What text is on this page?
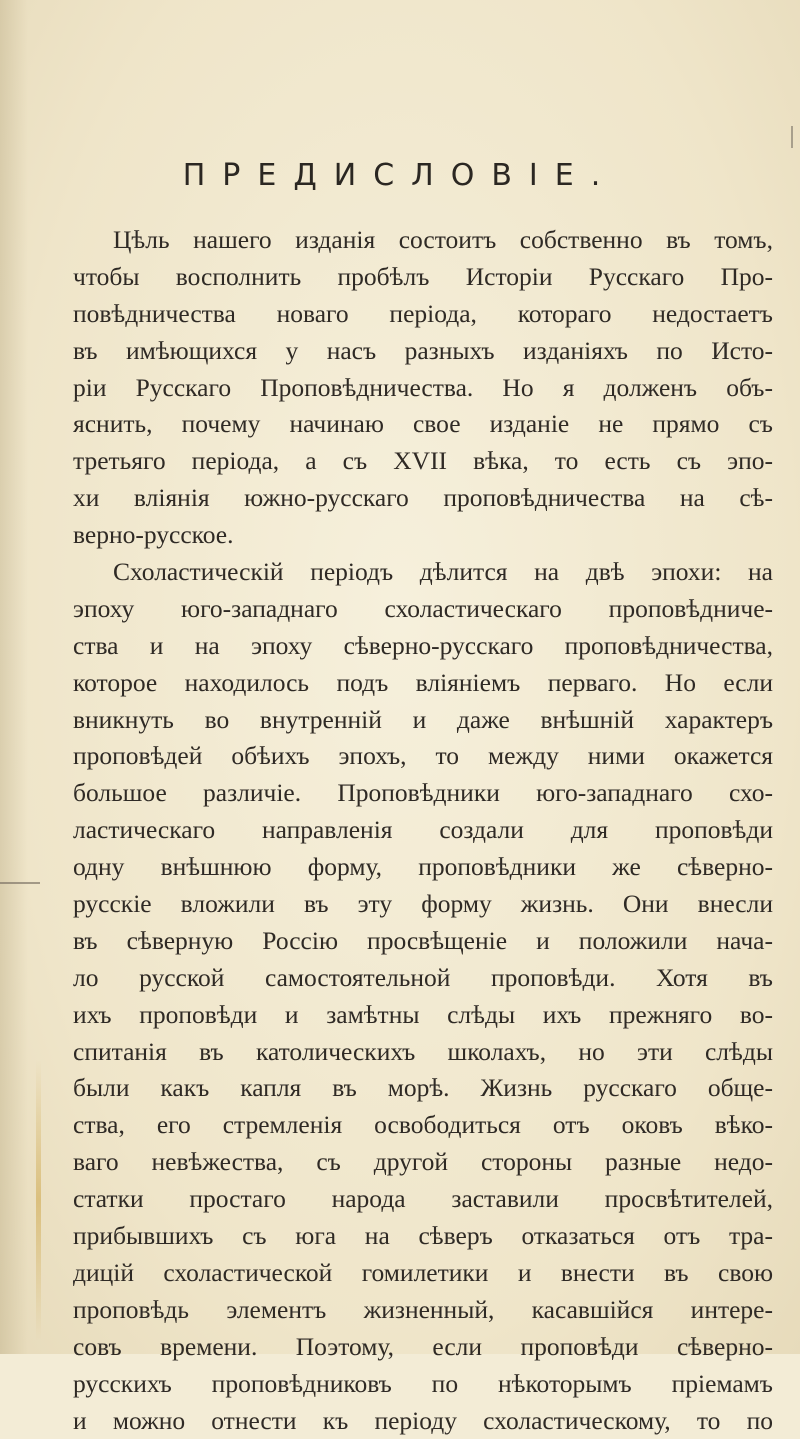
ПРЕДИСЛОВІЕ.
Цѣль нашего изданія состоитъ собственно въ томъ,
чтобы восполнить пробѣлъ Исторіи Русскаго Про-
повѣдничества новаго періода, котораго недостаетъ
въ имѣющихся у насъ разныхъ изданіяхъ по Исто-
ріи Русскаго Проповѣдничества. Но я долженъ объ-
яснить, почему начинаю свое изданіе не прямо съ
третьяго періода, а съ XVII вѣка, то есть съ эпо-
хи вліянія южно-русскаго проповѣдничества на сѣ-
верно-русское.
Схоластическій періодъ дѣлится на двѣ эпохи: на
эпоху юго-западнаго схоластическаго проповѣдниче-
ства и на эпоху сѣверно-русскаго проповѣдничества,
которое находилось подъ вліяніемъ перваго. Но если
вникнуть во внутренній и даже внѣшній характеръ
проповѣдей обѣихъ эпохъ, то между ними окажется
большое различіе. Проповѣдники юго-западнаго схо-
ластическаго направленія создали для проповѣди
одну внѣшнюю форму, проповѣдники же сѣверно-
русскіе вложили въ эту форму жизнь. Они внесли
въ сѣверную Россію просвѣщеніе и положили нача-
ло русской самостоятельной проповѣди. Хотя въ
ихъ проповѣди и замѣтны слѣды ихъ прежняго во-
спитанія въ католическихъ школахъ, но эти слѣды
были какъ капля въ морѣ. Жизнь русскаго обще-
ства, его стремленія освободиться отъ оковъ вѣко-
ваго невѣжества, съ другой стороны разные недо-
статки простаго народа заставили просвѣтителей,
прибывшихъ съ юга на сѣверъ отказаться отъ тра-
дицій схоластической гомилетики и внести въ свою
проповѣдь элементъ жизненный, касавшійся интере-
совъ времени. Поэтому, если проповѣди сѣверно-
русскихъ проповѣдниковъ по нѣкоторымъ пріемамъ
и можно отнести къ періоду схоластическому, то по
